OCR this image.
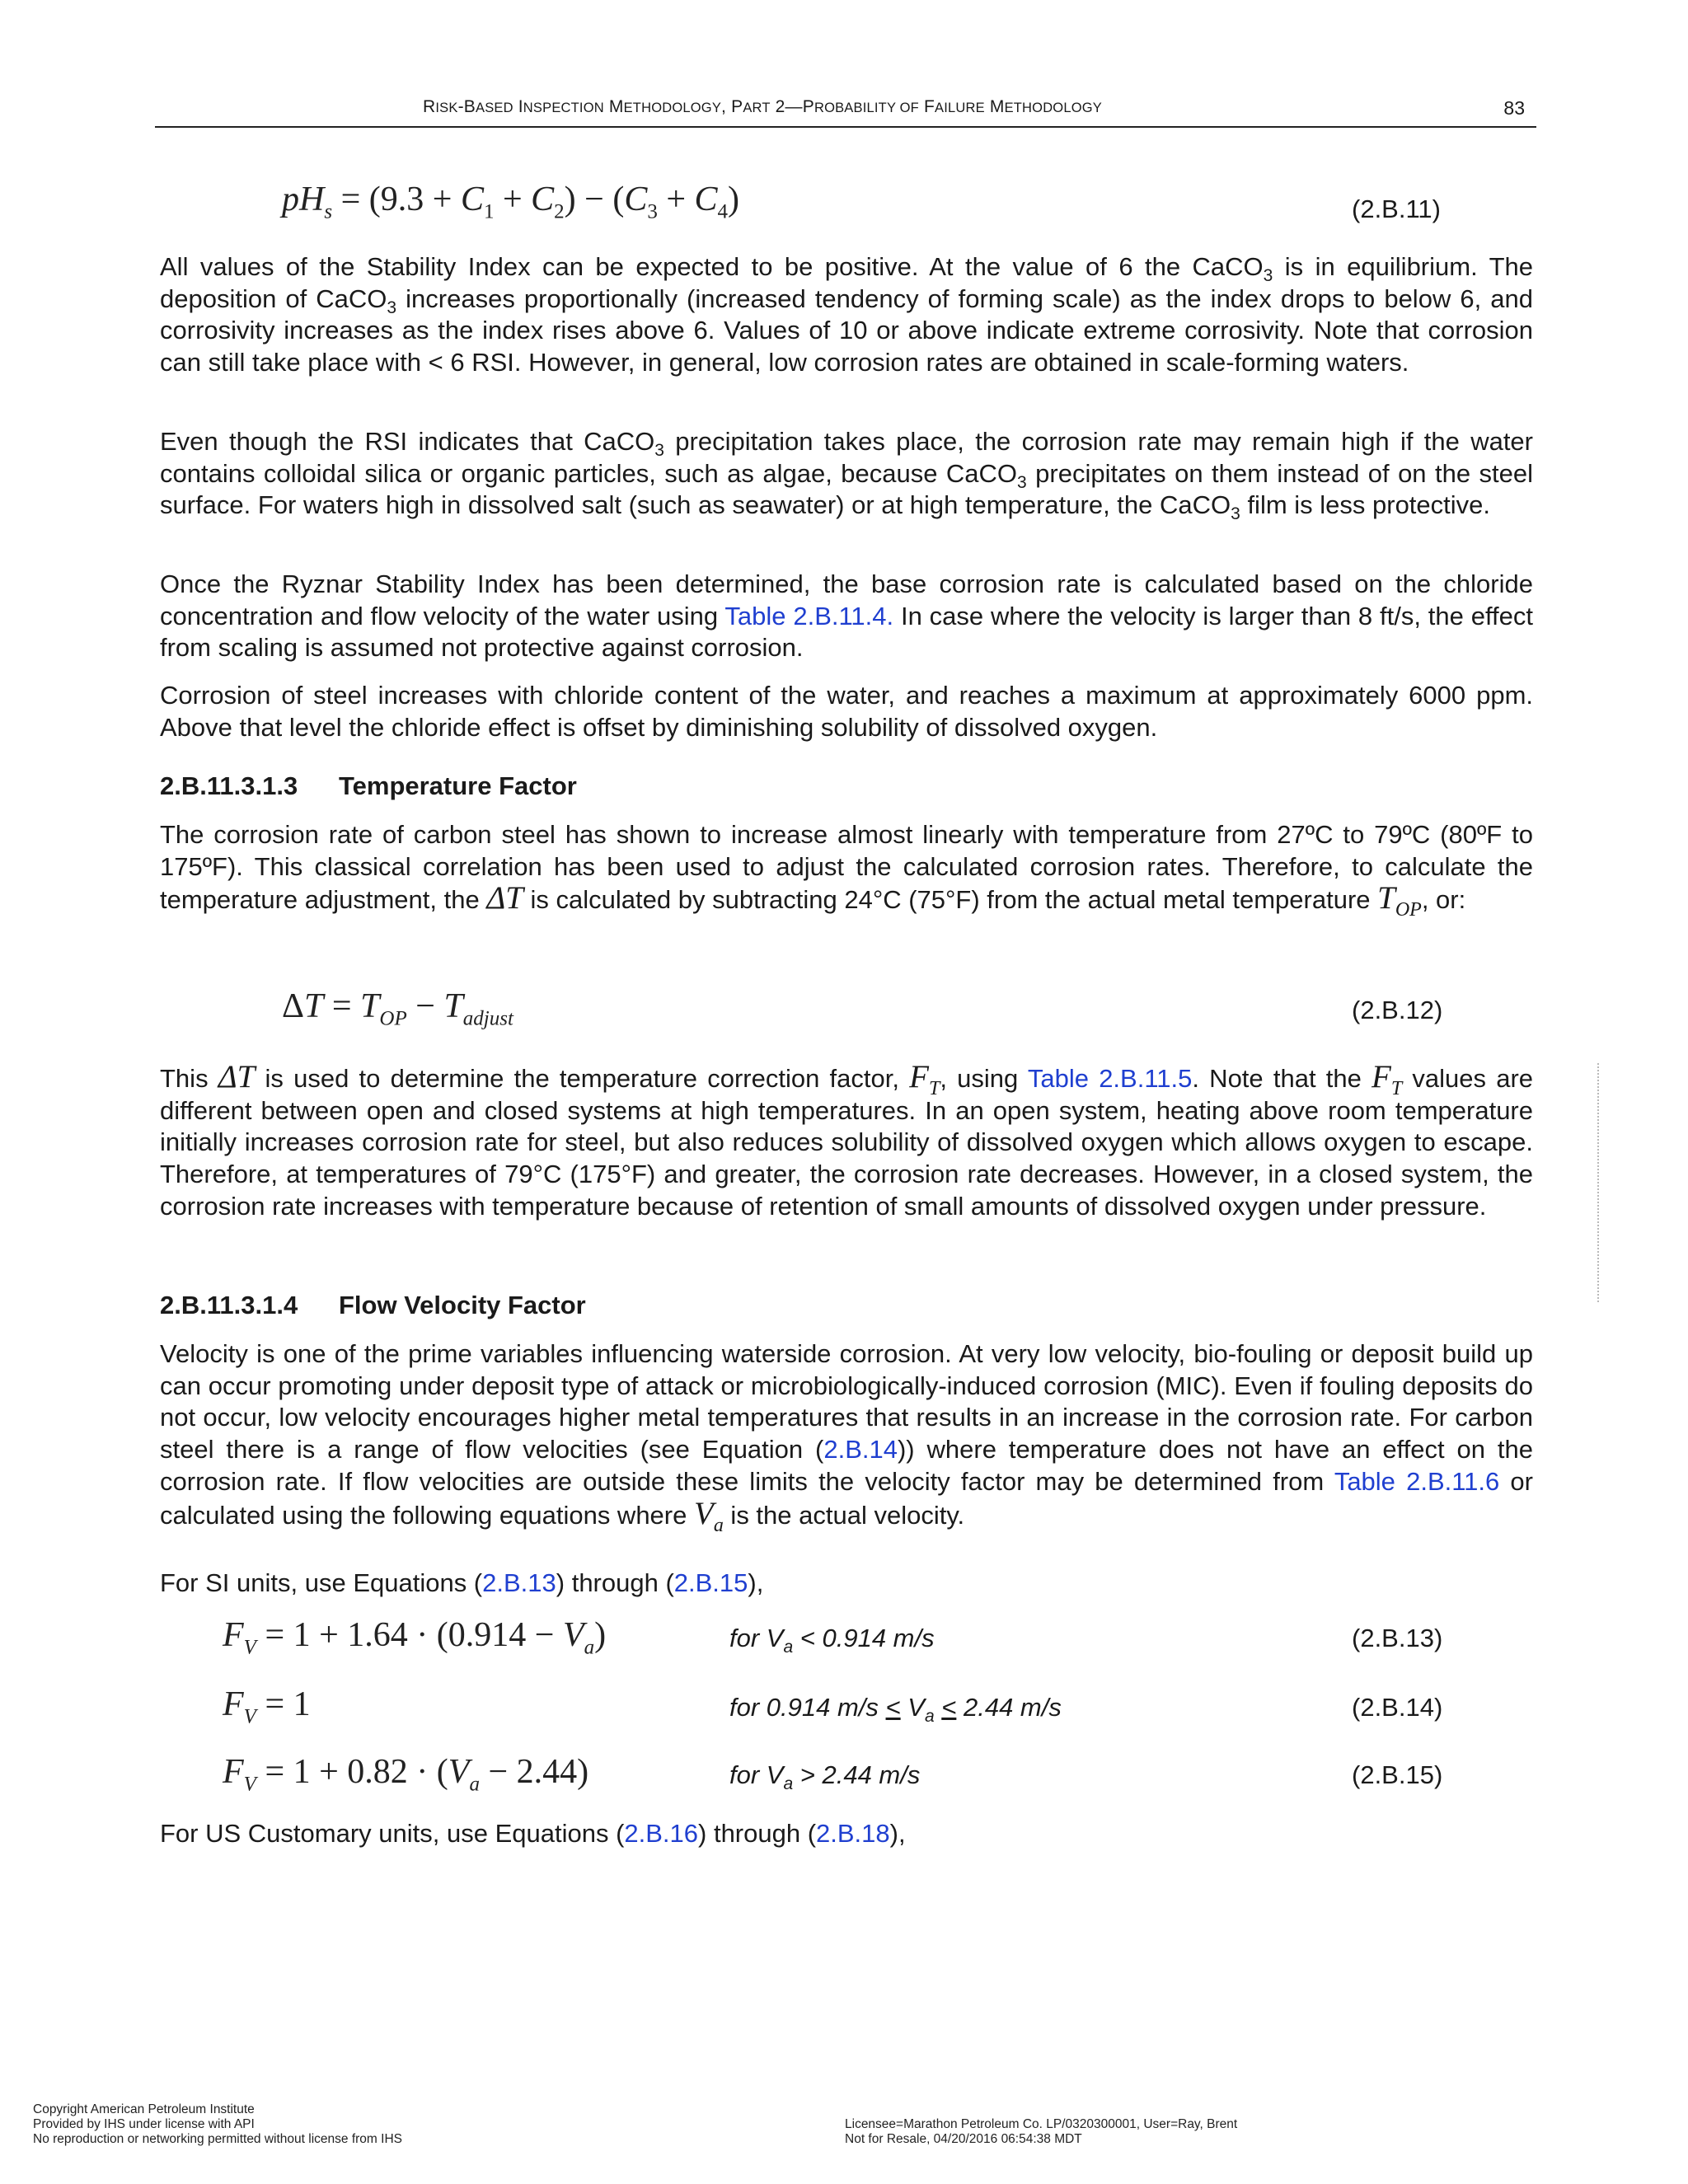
RISK-BASED INSPECTION METHODOLOGY, PART 2—PROBABILITY OF FAILURE METHODOLOGY	83
$pH_s = (9.3 + C_1 + C_2) - (C_3 + C_4)$	(2.B.11)

All values of the Stability Index can be expected to be positive. At the value of 6 the CaCO$_3$ is in equilibrium. The deposition of CaCO$_3$ increases proportionally (increased tendency of forming scale) as the index drops to below 6, and corrosivity increases as the index rises above 6. Values of 10 or above indicate extreme corrosivity. Note that corrosion can still take place with < 6 RSI. However, in general, low corrosion rates are obtained in scale-forming waters.

Even though the RSI indicates that CaCO$_3$ precipitation takes place, the corrosion rate may remain high if the water contains colloidal silica or organic particles, such as algae, because CaCO$_3$ precipitates on them instead of on the steel surface. For waters high in dissolved salt (such as seawater) or at high temperature, the CaCO$_3$ film is less protective.

Once the Ryznar Stability Index has been determined, the base corrosion rate is calculated based on the chloride concentration and flow velocity of the water using Table 2.B.11.4. In case where the velocity is larger than 8 ft/s, the effect from scaling is assumed not protective against corrosion.

Corrosion of steel increases with chloride content of the water, and reaches a maximum at approximately 6000 ppm. Above that level the chloride effect is offset by diminishing solubility of dissolved oxygen.

2.B.11.3.1.3 Temperature Factor

The corrosion rate of carbon steel has shown to increase almost linearly with temperature from 27ºC to 79ºC (80ºF to 175ºF). This classical correlation has been used to adjust the calculated corrosion rates. Therefore, to calculate the temperature adjustment, the ΔT is calculated by subtracting 24°C (75°F) from the actual metal temperature $T_{OP}$, or:

$\Delta T = T_{OP} - T_{adjust}$	(2.B.12)

This ΔT is used to determine the temperature correction factor, $F_T$, using Table 2.B.11.5. Note that the $F_T$ values are different between open and closed systems at high temperatures. In an open system, heating above room temperature initially increases corrosion rate for steel, but also reduces solubility of dissolved oxygen which allows oxygen to escape. Therefore, at temperatures of 79°C (175°F) and greater, the corrosion rate decreases. However, in a closed system, the corrosion rate increases with temperature because of retention of small amounts of dissolved oxygen under pressure.

2.B.11.3.1.4 Flow Velocity Factor

Velocity is one of the prime variables influencing waterside corrosion. At very low velocity, bio-fouling or deposit build up can occur promoting under deposit type of attack or microbiologically-induced corrosion (MIC). Even if fouling deposits do not occur, low velocity encourages higher metal temperatures that results in an increase in the corrosion rate. For carbon steel there is a range of flow velocities (see Equation (2.B.14)) where temperature does not have an effect on the corrosion rate. If flow velocities are outside these limits the velocity factor may be determined from Table 2.B.11.6 or calculated using the following equations where $V_a$ is the actual velocity.

For SI units, use Equations (2.B.13) through (2.B.15),

$F_V = 1 + 1.64 \cdot (0.914 - V_a)$	for $V_a < 0.914$ m/s	(2.B.13)
$F_V = 1$	for 0.914 $m/s < V_a < 2.44$ m/s	(2.B.14)
$F_V = 1 + 0.82 \cdot (V_a - 2.44)$	for $V_a > 2.44$ m/s	(2.B.15)

For US Customary units, use Equations (2.B.16) through (2.B.18),

Copyright American Petroleum Institute
Provided by IHS under license with API
No reproduction or networking permitted without license from IHS
Licensee=Marathon Petroleum Co. LP/0320300001, User=Ray, Brent
Not for Resale, 04/20/2016 06:54:38 MDT
